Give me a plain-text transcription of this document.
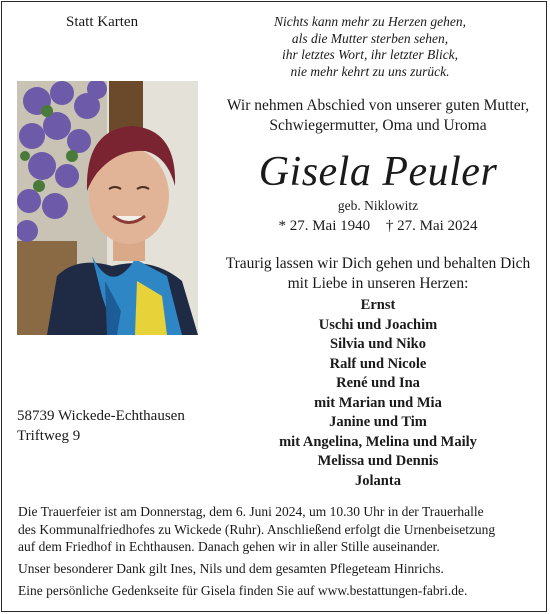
Statt Karten	Nichts kann mehr zu Herzen gehen,
als die Mutter sterben sehen,
ihr letztes Wort, ihr letzter Blick,
nie mehr kehrt zu uns zurück.
Wir nehmen Abschied von unserer guten Mutter,
Schwiegermutter, Oma und Uroma
Gisela Peuler
geb. Niklowitz
* 27. Mai 1940 † 27. Mai 2024
Traurig lassen wir Dich gehen und behalten Dich
mit Liebe in unseren Herzen:
Ernst
Uschi und Joachim
Silvia und Niko
Ralf und Nicole
René und Ina
mit Marian und Mia
Janine und Tim
mit Angelina, Melina und Maily
Melissa und Dennis
Jolanta
58739 Wickede-Echthausen
Triftweg 9
Die Trauerfeier ist am Donnerstag, dem 6. Juni 2024, um 10.30 Uhr in der Trauerhalle
des Kommunalfriedhofes zu Wickede (Ruhr). Anschließend erfolgt die Urnenbeisetzung
auf dem Friedhof in Echthausen. Danach gehen wir in aller Stille auseinander.
Unser besonderer Dank gilt Ines, Nils und dem gesamten Pflegeteam Hinrichs.
Eine persönliche Gedenkseite für Gisela finden Sie auf www.bestattungen-fabri.de.
